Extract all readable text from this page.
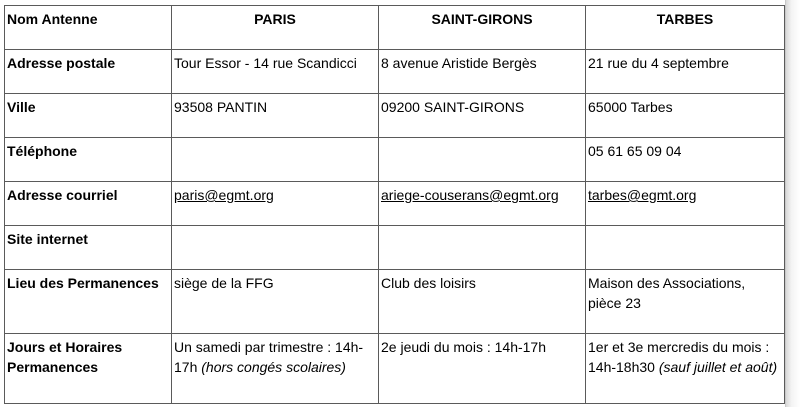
Nom Antenne	PARIS	SAINT-GIRONS	TARBES
Adresse postale	Tour Essor - 14 rue Scandicci	8 avenue Aristide Bergès	21 rue du 4 septembre
Ville	93508 PANTIN	09200 SAINT-GIRONS	65000 Tarbes
Téléphone			05 61 65 09 04
Adresse courriel	paris@egmt.org	ariege-couserans@egmt.org	tarbes@egmt.org
Site internet			
Lieu des Permanences	siège de la FFG	Club des loisirs	Maison des Associations, pièce 23
Jours et Horaires Permanences	Un samedi par trimestre : 14h-17h (hors congés scolaires)	2e jeudi du mois : 14h-17h	1er et 3e mercredis du mois : 14h-18h30 (sauf juillet et août)
